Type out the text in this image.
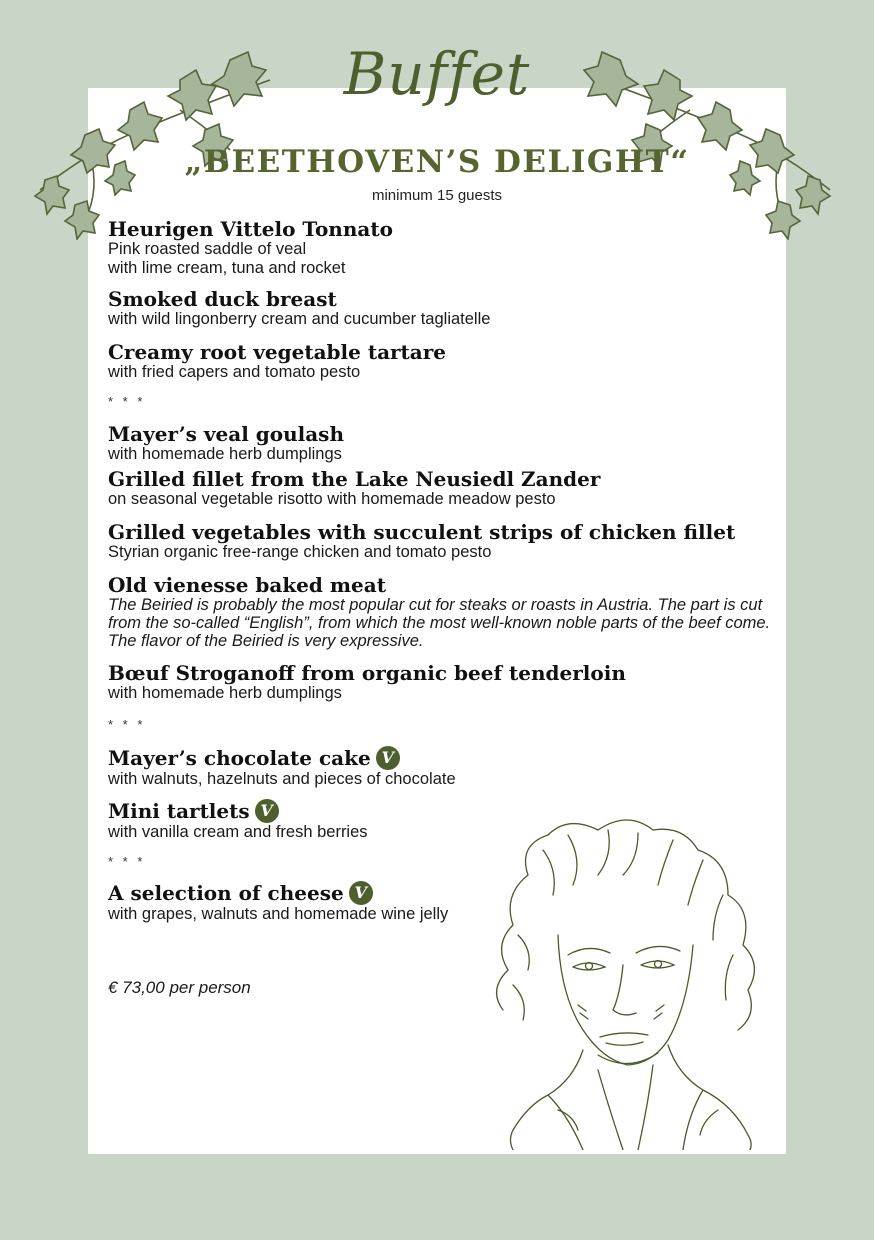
Buffet
„BEETHOVEN’S DELIGHT“
minimum 15 guests
Heurigen Vittelo Tonnato
Pink roasted saddle of veal
with lime cream, tuna and rocket
Smoked duck breast
with wild lingonberry cream and cucumber tagliatelle
Creamy root vegetable tartare
with fried capers and tomato pesto
* * *
Mayer’s veal goulash
with homemade herb dumplings
Grilled fillet from the Lake Neusiedl Zander
on seasonal vegetable risotto with homemade meadow pesto
Grilled vegetables with succulent strips of chicken fillet
Styrian organic free-range chicken and tomato pesto
Old vienesse baked meat
The Beiried is probably the most popular cut for steaks or roasts in Austria. The part is cut from the so-called “English”, from which the most well-known noble parts of the beef come. The flavor of the Beiried is very expressive.
Bœuf Stroganoff from organic beef tenderloin
with homemade herb dumplings
* * *
Mayer’s chocolate cake V
with walnuts, hazelnuts and pieces of chocolate
Mini tartlets V
with vanilla cream and fresh berries
* * *
A selection of cheese V
with grapes, walnuts and homemade wine jelly
€ 73,00 per person
